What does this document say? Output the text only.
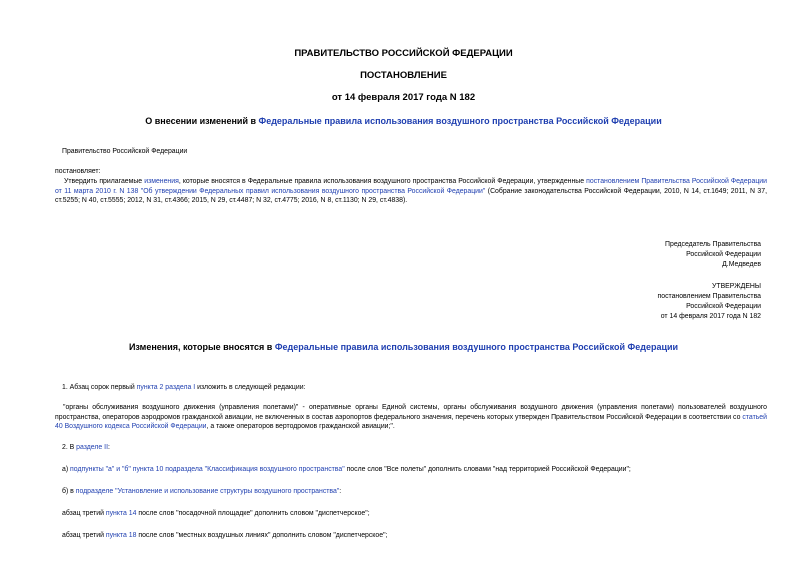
ПРАВИТЕЛЬСТВО РОССИЙСКОЙ ФЕДЕРАЦИИ
ПОСТАНОВЛЕНИЕ
от 14 февраля 2017 года N 182
О внесении изменений в Федеральные правила использования воздушного пространства Российской Федерации
Правительство Российской Федерации
постановляет:
Утвердить прилагаемые изменения, которые вносятся в Федеральные правила использования воздушного пространства Российской Федерации, утвержденные постановлением Правительства Российской Федерации от 11 марта 2010 г. N 138 "Об утверждении Федеральных правил использования воздушного пространства Российской Федерации" (Собрание законодательства Российской Федерации, 2010, N 14, ст.1649; 2011, N 37, ст.5255; N 40, ст.5555; 2012, N 31, ст.4366; 2015, N 29, ст.4487; N 32, ст.4775; 2016, N 8, ст.1130; N 29, ст.4838).
Председатель Правительства
Российской Федерации
Д.Медведев
УТВЕРЖДЕНЫ
постановлением Правительства
Российской Федерации
от 14 февраля 2017 года N 182
Изменения, которые вносятся в Федеральные правила использования воздушного пространства Российской Федерации
1. Абзац сорок первый пункта 2 раздела I изложить в следующей редакции:
"органы обслуживания воздушного движения (управления полетами)" - оперативные органы Единой системы, органы обслуживания воздушного движения (управления полетами) пользователей воздушного пространства, операторов аэродромов гражданской авиации, не включенных в состав аэропортов федерального значения, перечень которых утвержден Правительством Российской Федерации в соответствии со статьей 40 Воздушного кодекса Российской Федерации, а также операторов вертодромов гражданской авиации;".
2. В разделе II:
а) подпункты "а" и "б" пункта 10 подраздела "Классификация воздушного пространства" после слов "Все полеты" дополнить словами "над территорией Российской Федерации";
б) в подразделе "Установление и использование структуры воздушного пространства":
абзац третий пункта 14 после слов "посадочной площадке" дополнить словом "диспетчерское";
абзац третий пункта 18 после слов "местных воздушных линиях" дополнить словом "диспетчерское";
